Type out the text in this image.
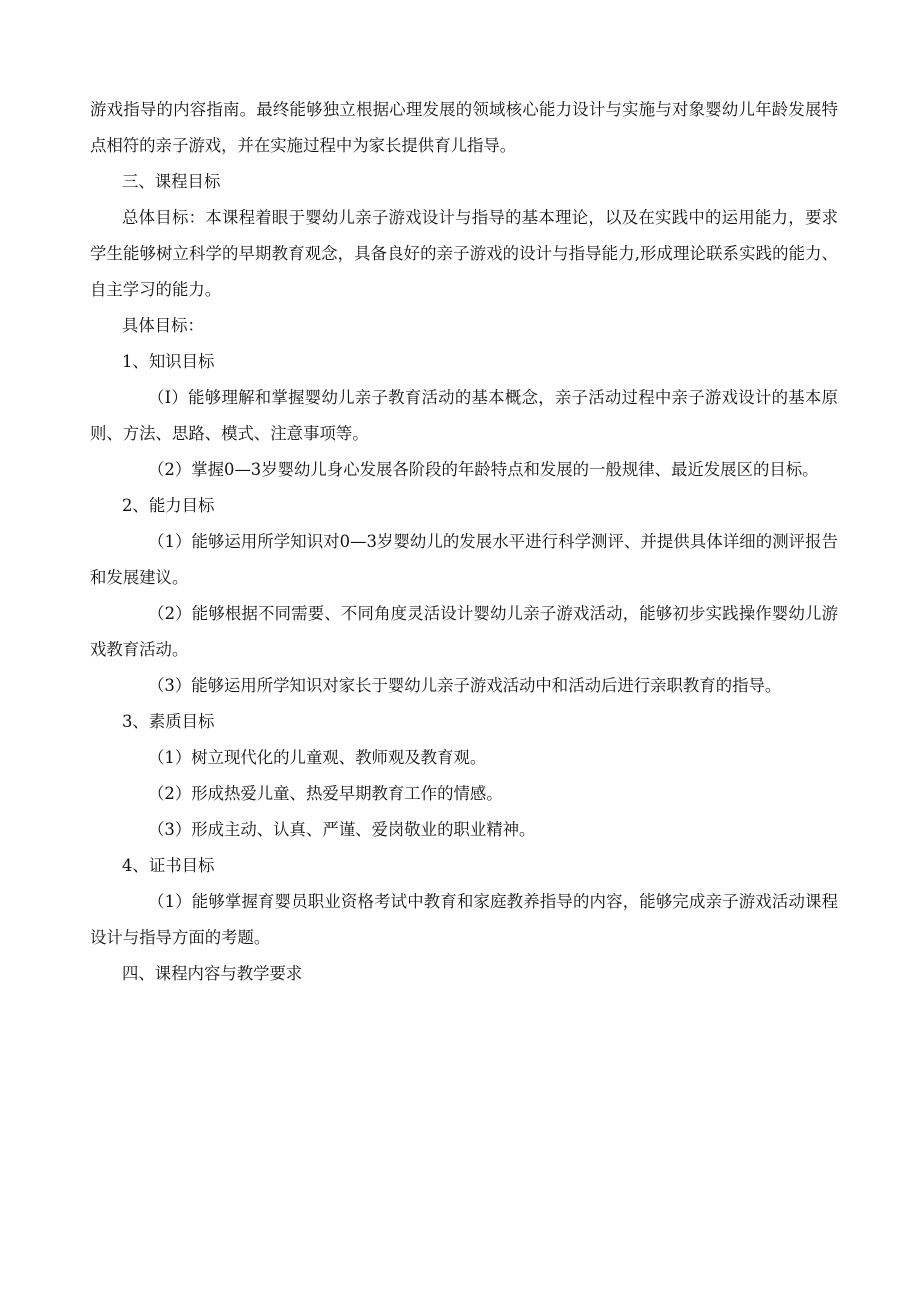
游戏指导的内容指南。最终能够独立根据心理发展的领域核心能力设计与实施与对象婴幼儿年龄发展特点相符的亲子游戏，并在实施过程中为家长提供育儿指导。

三、课程目标

总体目标：本课程着眼于婴幼儿亲子游戏设计与指导的基本理论，以及在实践中的运用能力，要求学生能够树立科学的早期教育观念，具备良好的亲子游戏的设计与指导能力,形成理论联系实践的能力、自主学习的能力。

具体目标：

1、知识目标

（I）能够理解和掌握婴幼儿亲子教育活动的基本概念，亲子活动过程中亲子游戏设计的基本原则、方法、思路、模式、注意事项等。

（2）掌握0—3岁婴幼儿身心发展各阶段的年龄特点和发展的一般规律、最近发展区的目标。

2、能力目标

（1）能够运用所学知识对0—3岁婴幼儿的发展水平进行科学测评、并提供具体详细的测评报告和发展建议。

（2）能够根据不同需要、不同角度灵活设计婴幼儿亲子游戏活动，能够初步实践操作婴幼儿游戏教育活动。

（3）能够运用所学知识对家长于婴幼儿亲子游戏活动中和活动后进行亲职教育的指导。

3、素质目标

（1）树立现代化的儿童观、教师观及教育观。

（2）形成热爱儿童、热爱早期教育工作的情感。

（3）形成主动、认真、严谨、爱岗敬业的职业精神。

4、证书目标

（1）能够掌握育婴员职业资格考试中教育和家庭教养指导的内容，能够完成亲子游戏活动课程设计与指导方面的考题。

四、课程内容与教学要求
